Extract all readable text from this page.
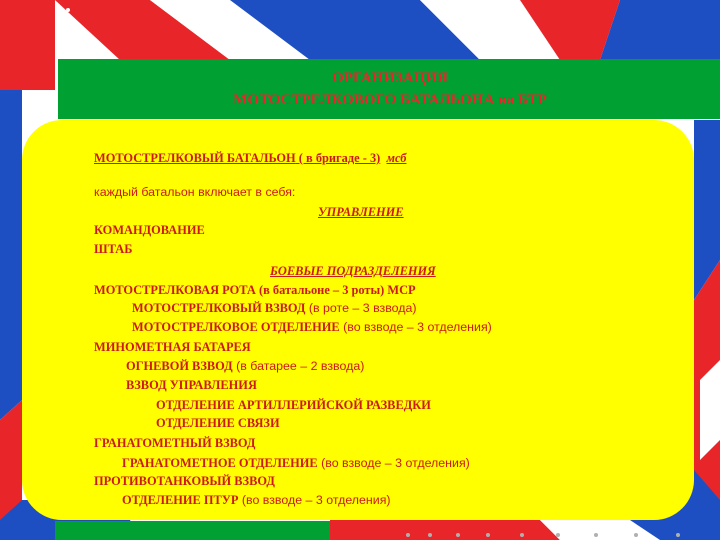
ОРГАНИЗАЦИЯ
МОТОСТРЕЛКОВОГО БАТАЛЬОНА на БТР
МОТОСТРЕЛКОВЫЙ БАТАЛЬОН ( в бригаде - 3) мсб
каждый батальон включает в себя:
УПРАВЛЕНИЕ
КОМАНДОВАНИЕ
ШТАБ
БОЕВЫЕ ПОДРАЗДЕЛЕНИЯ
МОТОСТРЕЛКОВАЯ РОТА (в батальоне – 3 роты) МСР
МОТОСТРЕЛКОВЫЙ ВЗВОД (в роте – 3 взвода)
МОТОСТРЕЛКОВОЕ ОТДЕЛЕНИЕ (во взводе – 3 отделения)
МИНОМЕТНАЯ БАТАРЕЯ
ОГНЕВОЙ ВЗВОД (в батарее – 2 взвода)
ВЗВОД УПРАВЛЕНИЯ
ОТДЕЛЕНИЕ АРТИЛЛЕРИЙСКОЙ РАЗВЕДКИ
ОТДЕЛЕНИЕ СВЯЗИ
ГРАНАТОМЕТНЫЙ ВЗВОД
ГРАНАТОМЕТНОЕ ОТДЕЛЕНИЕ (во взводе – 3 отделения)
ПРОТИВОТАНКОВЫЙ ВЗВОД
ОТДЕЛЕНИЕ ПТУР (во взводе – 3 отделения)
